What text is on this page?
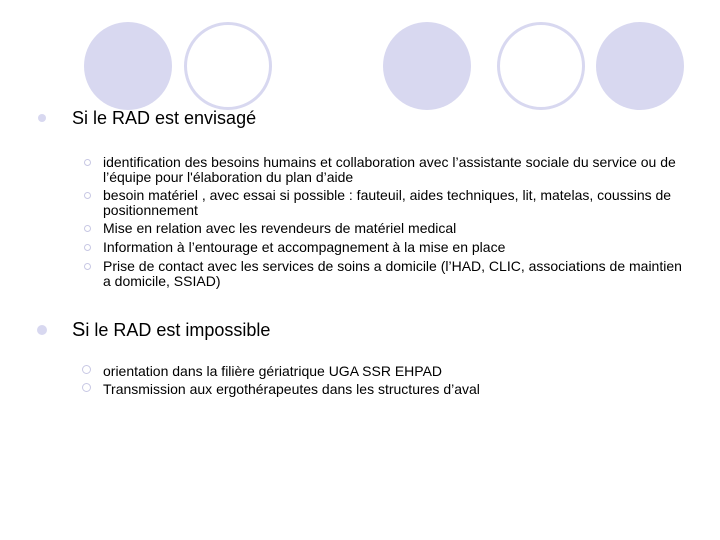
Si le RAD est envisagé
identification des besoins humains et collaboration avec l’assistante sociale du service ou de l’équipe pour l'élaboration du plan d’aide
besoin matériel , avec essai si possible : fauteuil, aides techniques, lit, matelas, coussins de positionnement
Mise en relation avec les revendeurs de matériel medical
Information à l’entourage et accompagnement à la mise en place
Prise de contact avec les services de soins a domicile (l’HAD, CLIC, associations de maintien a domicile, SSIAD)
Si le RAD est impossible
orientation dans la filière gériatrique UGA SSR EHPAD
Transmission aux ergothérapeutes dans les structures d’aval
